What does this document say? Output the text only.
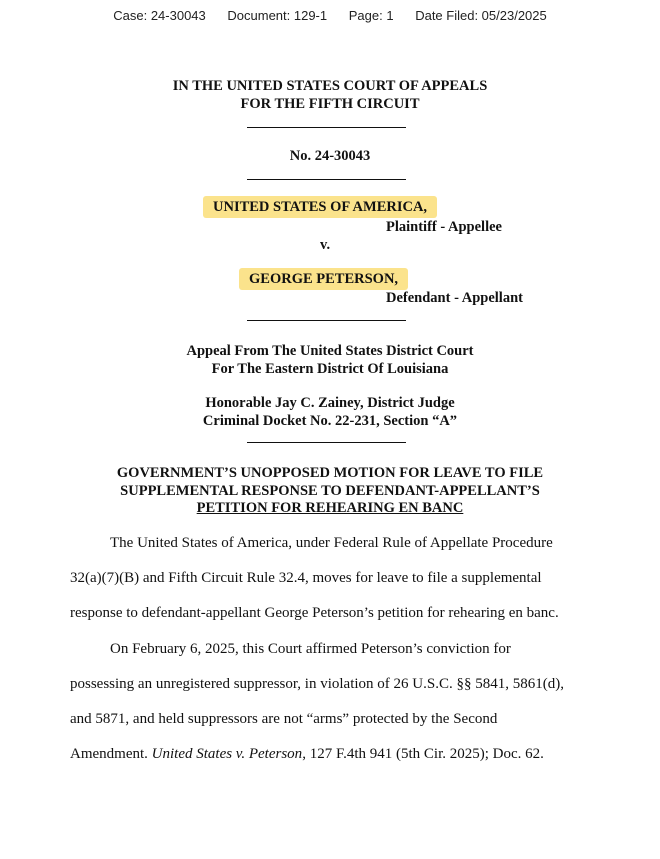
Case: 24-30043 Document: 129-1 Page: 1 Date Filed: 05/23/2025
IN THE UNITED STATES COURT OF APPEALS
FOR THE FIFTH CIRCUIT
No. 24-30043
UNITED STATES OF AMERICA,
Plaintiff - Appellee
v.
GEORGE PETERSON,
Defendant - Appellant
Appeal From The United States District Court
For The Eastern District Of Louisiana
Honorable Jay C. Zainey, District Judge
Criminal Docket No. 22-231, Section “A”
GOVERNMENT’S UNOPPOSED MOTION FOR LEAVE TO FILE
SUPPLEMENTAL RESPONSE TO DEFENDANT-APPELLANT’S
PETITION FOR REHEARING EN BANC
The United States of America, under Federal Rule of Appellate Procedure
32(a)(7)(B) and Fifth Circuit Rule 32.4, moves for leave to file a supplemental
response to defendant-appellant George Peterson’s petition for rehearing en banc.
On February 6, 2025, this Court affirmed Peterson’s conviction for
possessing an unregistered suppressor, in violation of 26 U.S.C. §§ 5841, 5861(d),
and 5871, and held suppressors are not “arms” protected by the Second
Amendment. United States v. Peterson, 127 F.4th 941 (5th Cir. 2025); Doc. 62.
